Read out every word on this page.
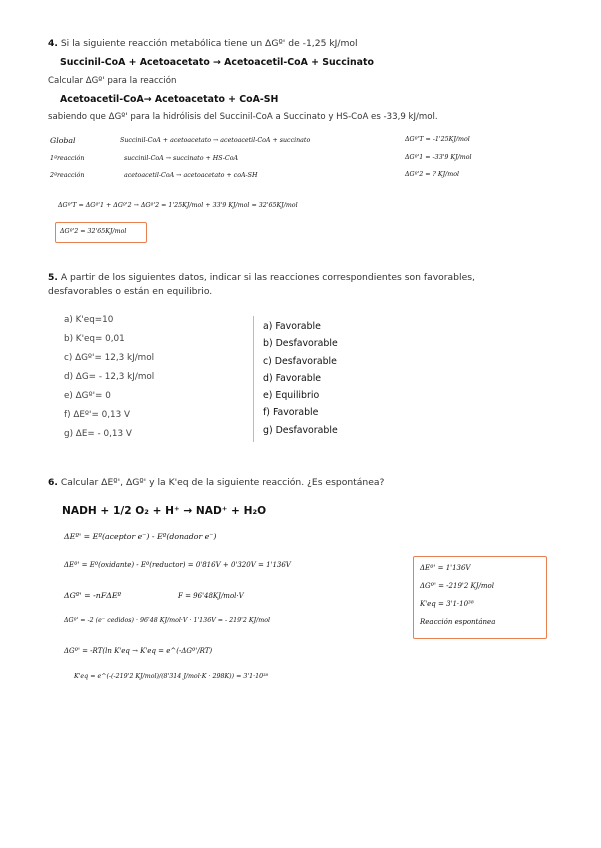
4. Si la siguiente reacción metabólica tiene un ΔGº' de -1,25 kJ/mol
Succinil-CoA + Acetoacetato → Acetoacetil-CoA + Succinato
Calcular ΔGº' para la reacción
Acetoacetil-CoA→ Acetoacetato + CoA-SH
sabiendo que ΔGº' para la hidrólisis del Succinil-CoA a Succinato y HS-CoA es -33,9 kJ/mol.
Global	Succinil-CoA + acetoacetato → acetoacetil-CoA + succinato	ΔGº'T = -1'25KJ/mol
1ªreacción	succinil-CoA → succinato + HS-CoA	ΔGº'1 = -33'9 KJ/mol
2ªreacción	acetoacetil-CoA → acetoacetato + coA-SH	ΔGº'2 = ? KJ/mol
ΔGº'T = ΔGº'1 + ΔGº'2 → ΔGº'2 = 1'25KJ/mol + 33'9 KJ/mol = 32'65KJ/mol
ΔGº'2 = 32'65KJ/mol
5. A partir de los siguientes datos, indicar si las reacciones correspondientes son favorables,
desfavorables o están en equilibrio.
a) K'eq=10
b) K'eq= 0,01
c) ΔGº'= 12,3 kJ/mol
d) ΔG= - 12,3 kJ/mol
e) ΔGº'= 0
f) ΔEº'= 0,13 V
g) ΔE= - 0,13 V
a) Favorable
b) Desfavorable
c) Desfavorable
d) Favorable
e) Equilibrio
f) Favorable
g) Desfavorable
6. Calcular ΔEº', ΔGº' y la K'eq de la siguiente reacción. ¿Es espontánea?
NADH + 1/2 O₂ + H⁺ → NAD⁺ + H₂O
ΔEº' = Eº(aceptor e⁻) - Eº(donador e⁻)
ΔEº' = Eº(oxidante) - Eº(reductor) = 0'816V + 0'320V = 1'136V
ΔGº' = -nFΔEº	F = 96'48KJ/mol·V
ΔGº' = -2 (e⁻ cedidos) · 96'48 KJ/mol·V · 1'136V = - 219'2 KJ/mol
ΔGº' = -RT(ln K'eq → K'eq = e^(-ΔGº'/RT)
K'eq = e^(-(-219'2 KJ/mol)/(8'314 J/mol·K · 298K)) = 3'1·10³⁸
ΔEº' = 1'136V
ΔGº' = -219'2 KJ/mol
K'eq = 3'1·10³⁸
Reacción espontánea
